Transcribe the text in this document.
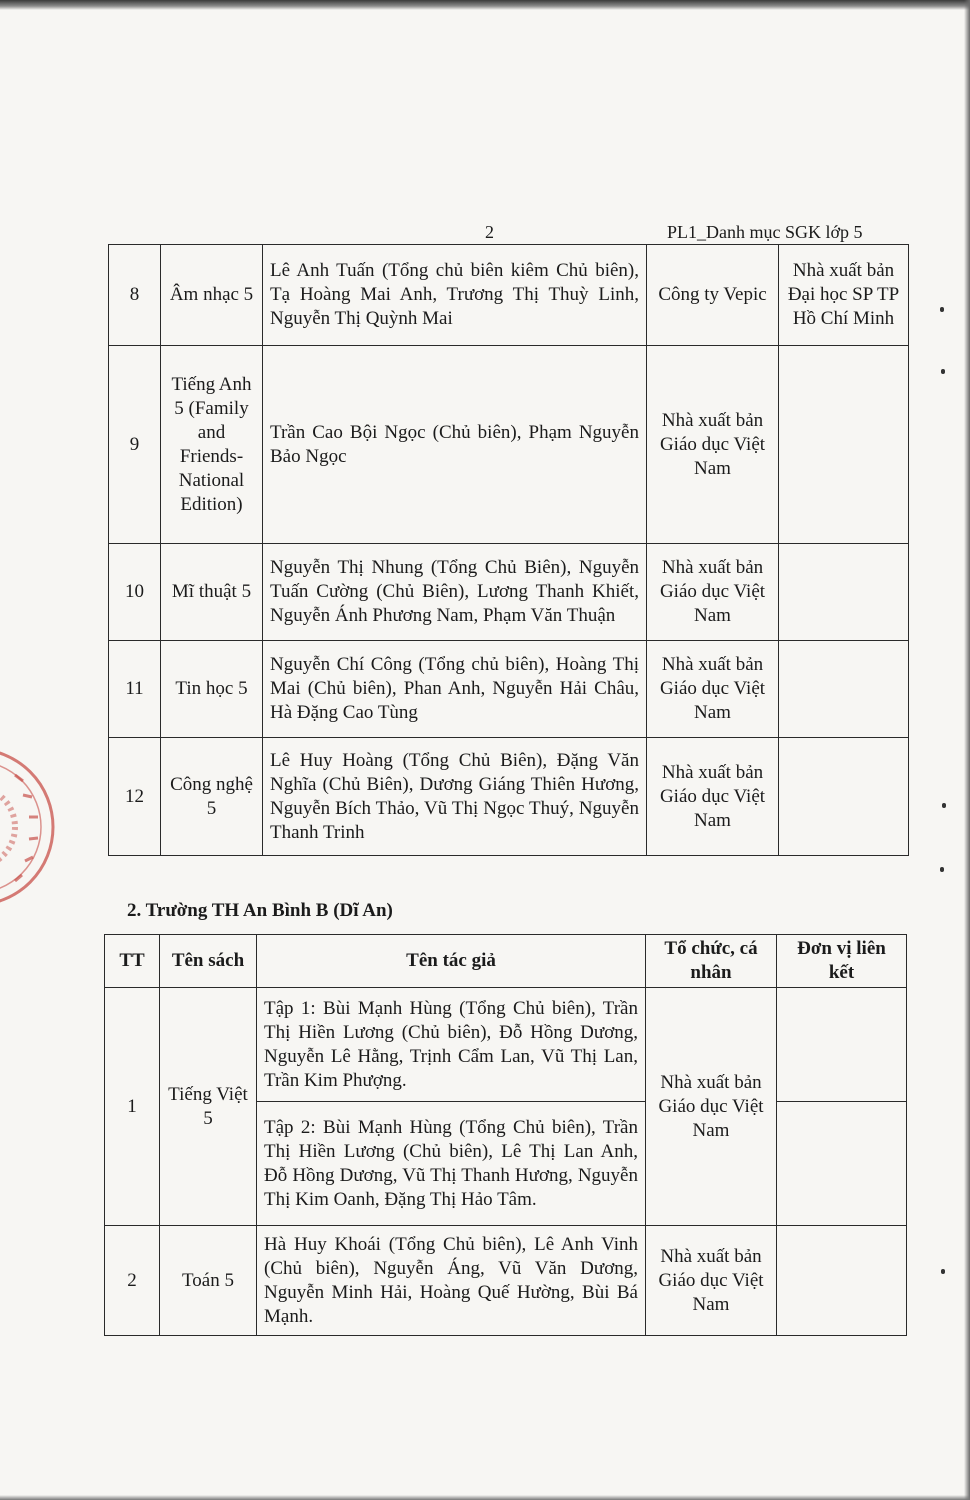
2	PL1_Danh mục SGK lớp 5
8	Âm nhạc 5	Lê Anh Tuấn (Tổng chủ biên kiêm Chủ biên), Tạ Hoàng Mai Anh, Trương Thị Thuỳ Linh, Nguyễn Thị Quỳnh Mai	Công ty Vepic	Nhà xuất bản Đại học SP TP Hồ Chí Minh
9	Tiếng Anh 5 (Family and Friends- National Edition)	Trần Cao Bội Ngọc (Chủ biên), Phạm Nguyễn Bảo Ngọc	Nhà xuất bản Giáo dục Việt Nam	
10	Mĩ thuật 5	Nguyễn Thị Nhung (Tổng Chủ Biên), Nguyễn Tuấn Cường (Chủ Biên), Lương Thanh Khiết, Nguyễn Ánh Phương Nam, Phạm Văn Thuận	Nhà xuất bản Giáo dục Việt Nam	
11	Tin học 5	Nguyễn Chí Công (Tổng chủ biên), Hoàng Thị Mai (Chủ biên), Phan Anh, Nguyễn Hải Châu, Hà Đặng Cao Tùng	Nhà xuất bản Giáo dục Việt Nam	
12	Công nghệ 5	Lê Huy Hoàng (Tổng Chủ Biên), Đặng Văn Nghĩa (Chủ Biên), Dương Giáng Thiên Hương, Nguyễn Bích Thảo, Vũ Thị Ngọc Thuý, Nguyễn Thanh Trinh	Nhà xuất bản Giáo dục Việt Nam	
2. Trường TH An Bình B (Dĩ An)
TT	Tên sách	Tên tác giả	Tổ chức, cá nhân	Đơn vị liên kết
1	Tiếng Việt 5	Tập 1: Bùi Mạnh Hùng (Tổng Chủ biên), Trần Thị Hiền Lương (Chủ biên), Đỗ Hồng Dương, Nguyễn Lê Hằng, Trịnh Cẩm Lan, Vũ Thị Lan, Trần Kim Phượng.	Nhà xuất bản Giáo dục Việt Nam	
		Tập 2: Bùi Mạnh Hùng (Tổng Chủ biên), Trần Thị Hiền Lương (Chủ biên), Lê Thị Lan Anh, Đỗ Hồng Dương, Vũ Thị Thanh Hương, Nguyễn Thị Kim Oanh, Đặng Thị Hảo Tâm.		
2	Toán 5	Hà Huy Khoái (Tổng Chủ biên), Lê Anh Vinh (Chủ biên), Nguyễn Áng, Vũ Văn Dương, Nguyễn Minh Hải, Hoàng Quế Hường, Bùi Bá Mạnh.	Nhà xuất bản Giáo dục Việt Nam	
